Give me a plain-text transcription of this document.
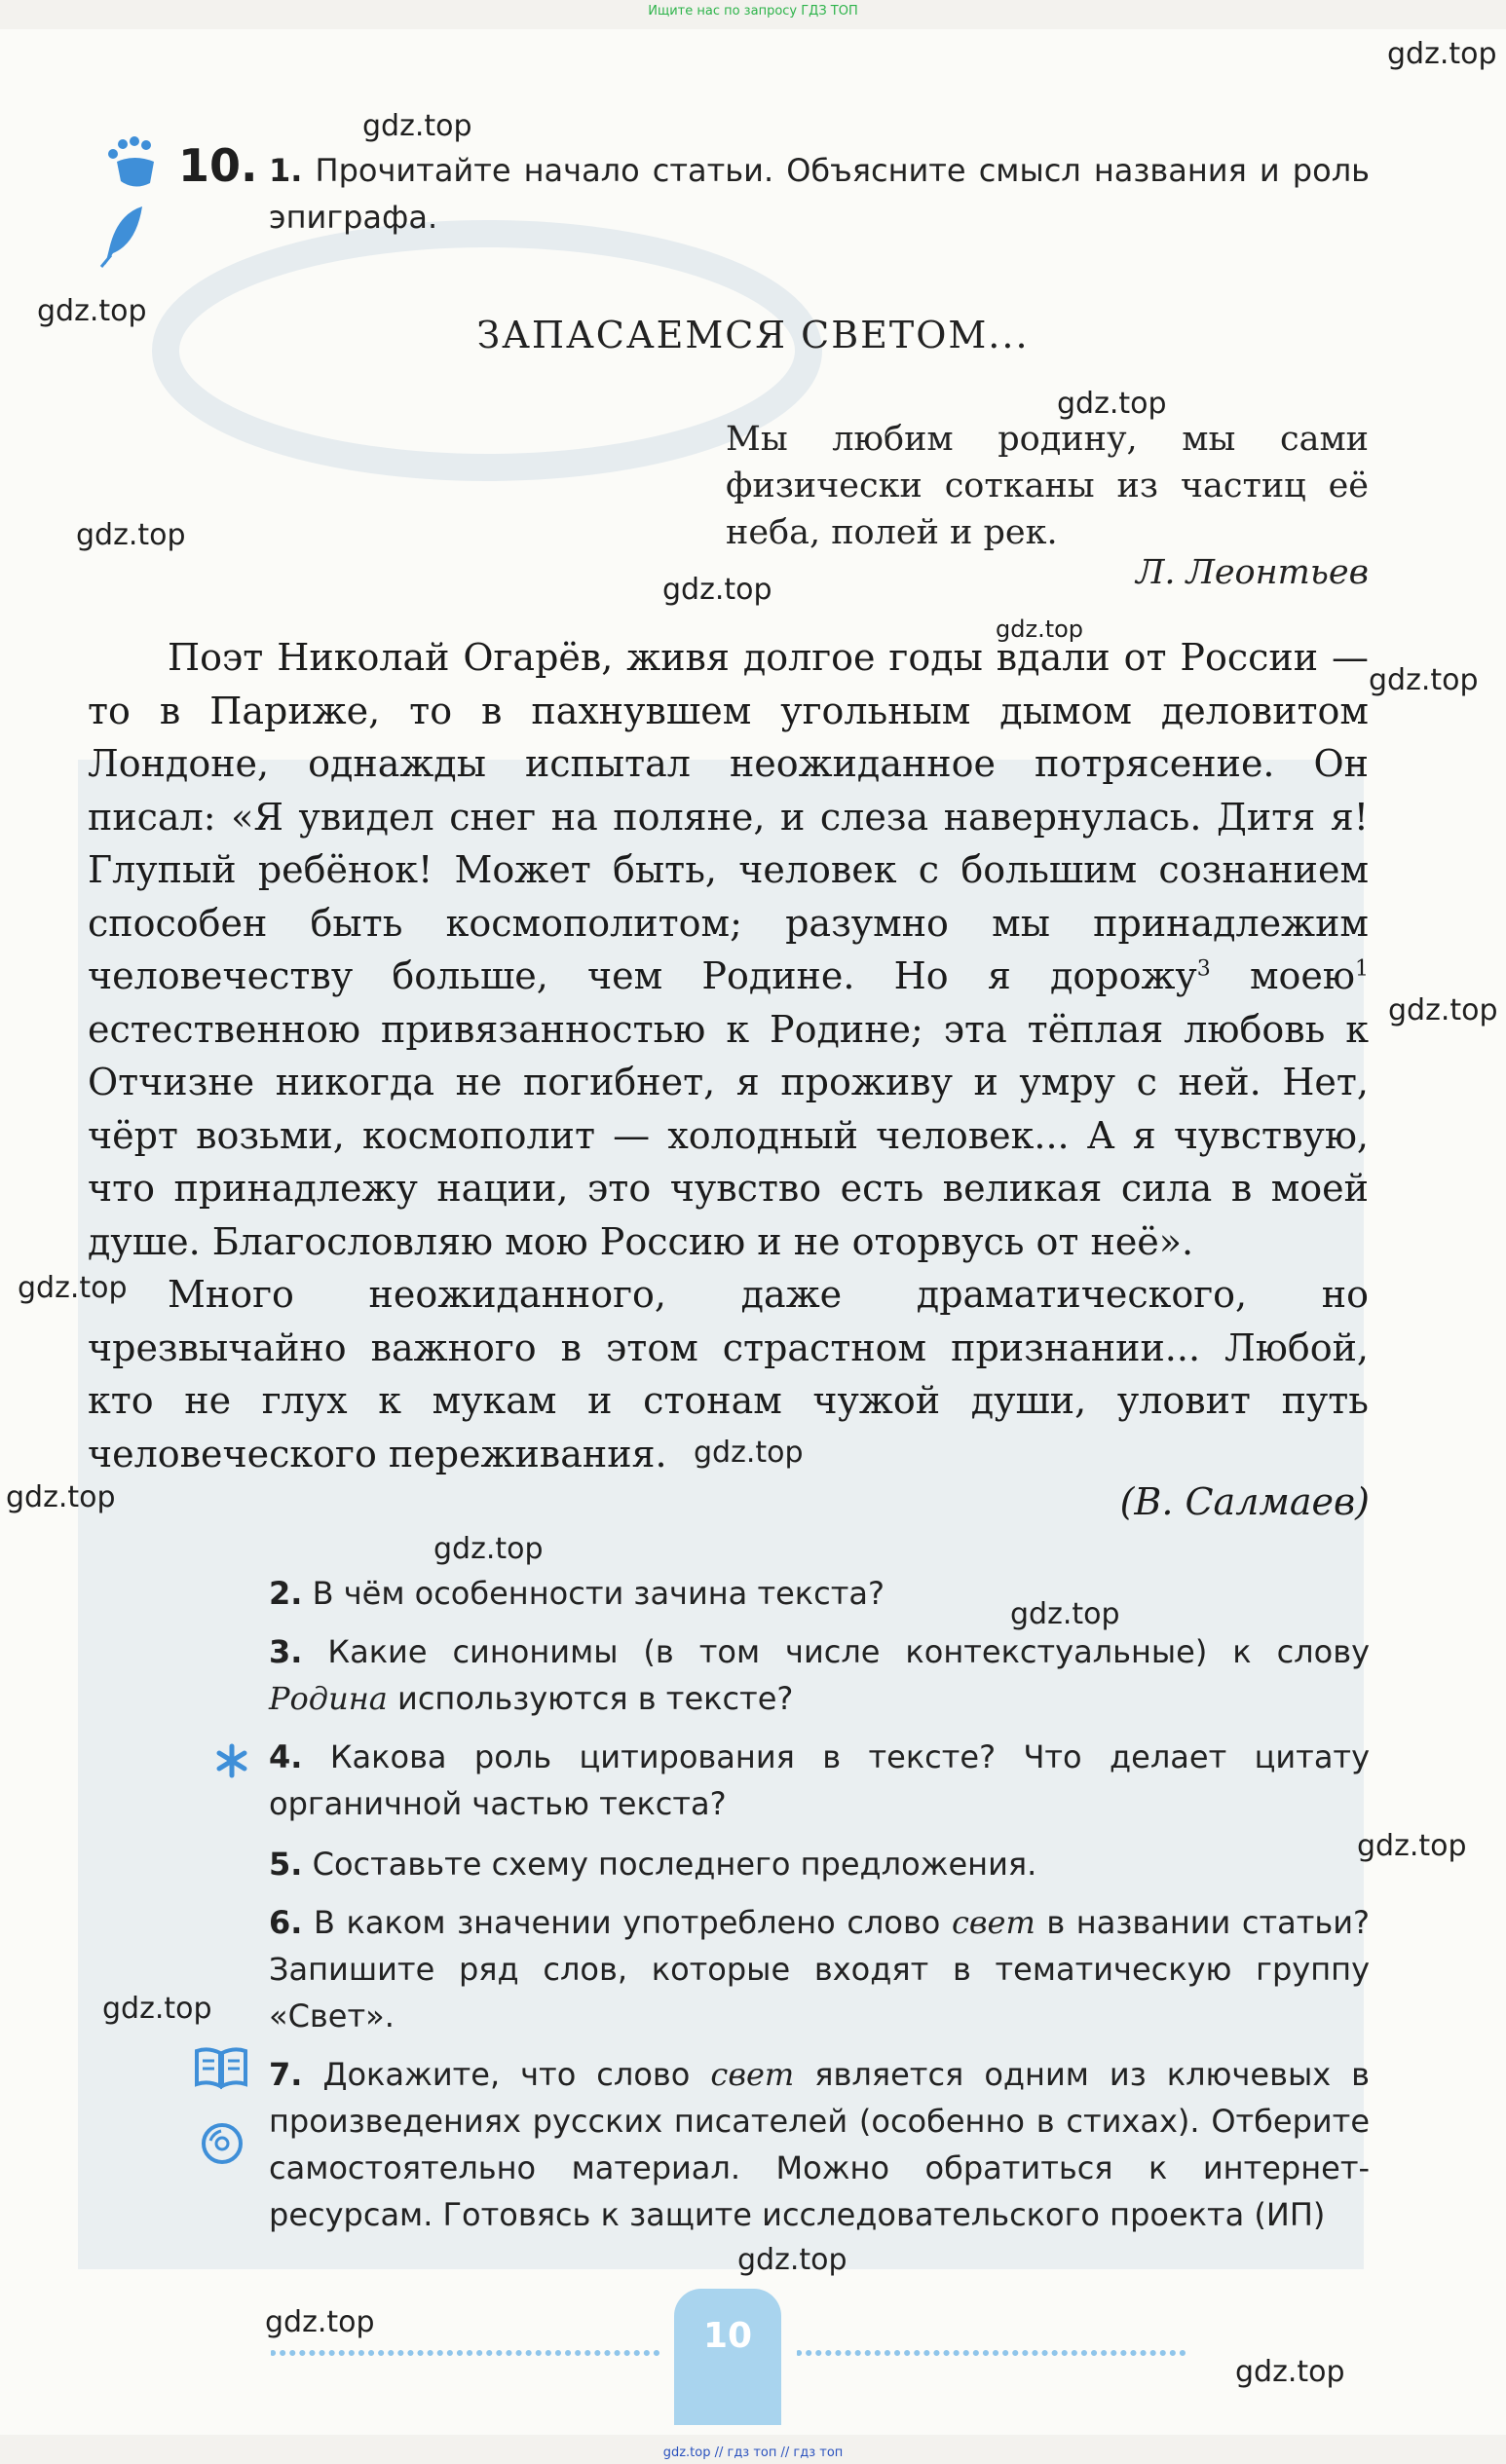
Ищите нас по запросу ГДЗ ТОП
gdz.top
gdz.top
gdz.top
gdz.top
gdz.top
gdz.top
gdz.top
gdz.top
gdz.top
gdz.top
gdz.top
gdz.top
gdz.top
gdz.top
gdz.top
gdz.top
gdz.top
gdz.top
gdz.top
10. 1. Прочитайте начало статьи. Объясните смысл названия и роль эпиграфа.
ЗАПАСАЕМСЯ СВЕТОМ...
Мы любим родину, мы сами физически сотканы из частиц её неба, полей и рек.
Л. Леонтьев

Поэт Николай Огарёв, живя долгое годы вдали от России — то в Париже, то в пахнувшем угольным дымом деловитом Лондоне, однажды испытал неожиданное потрясение. Он писал: «Я увидел снег на поляне, и слеза навернулась. Дитя я! Глупый ребёнок! Может быть, человек с большим сознанием способен быть космополитом; разумно мы принадлежим человечеству больше, чем Родине. Но я дорожу$^3$ моею$^1$ естественною привязанностью к Родине; эта тёплая любовь к Отчизне никогда не погибнет, я проживу и умру с ней. Нет, чёрт возьми, космополит — холодный человек... А я чувствую, что принадлежу нации, это чувство есть великая сила в моей душе. Благословляю мою Россию и не оторвусь от неё».

Много неожиданного, даже драматического, но чрезвычайно важного в этом страстном признании... Любой, кто не глух к мукам и стонам чужой души, уловит путь человеческого переживания.

(В. Салмаев)
2. В чём особенности зачина текста?
3. Какие синонимы (в том числе контекстуальные) к слову Родина используются в тексте?
4. Какова роль цитирования в тексте? Что делает цитату органичной частью текста?
5. Составьте схему последнего предложения.
6. В каком значении употреблено слово свет в названии статьи? Запишите ряд слов, которые входят в тематическую группу «Свет».
7. Докажите, что слово свет является одним из ключевых в произведениях русских писателей (особенно в стихах). Отберите самостоятельно материал. Можно обратиться к интернет-ресурсам. Готовясь к защите исследовательского проекта (ИП)
10
gdz.top // гдз топ // гдз топ
